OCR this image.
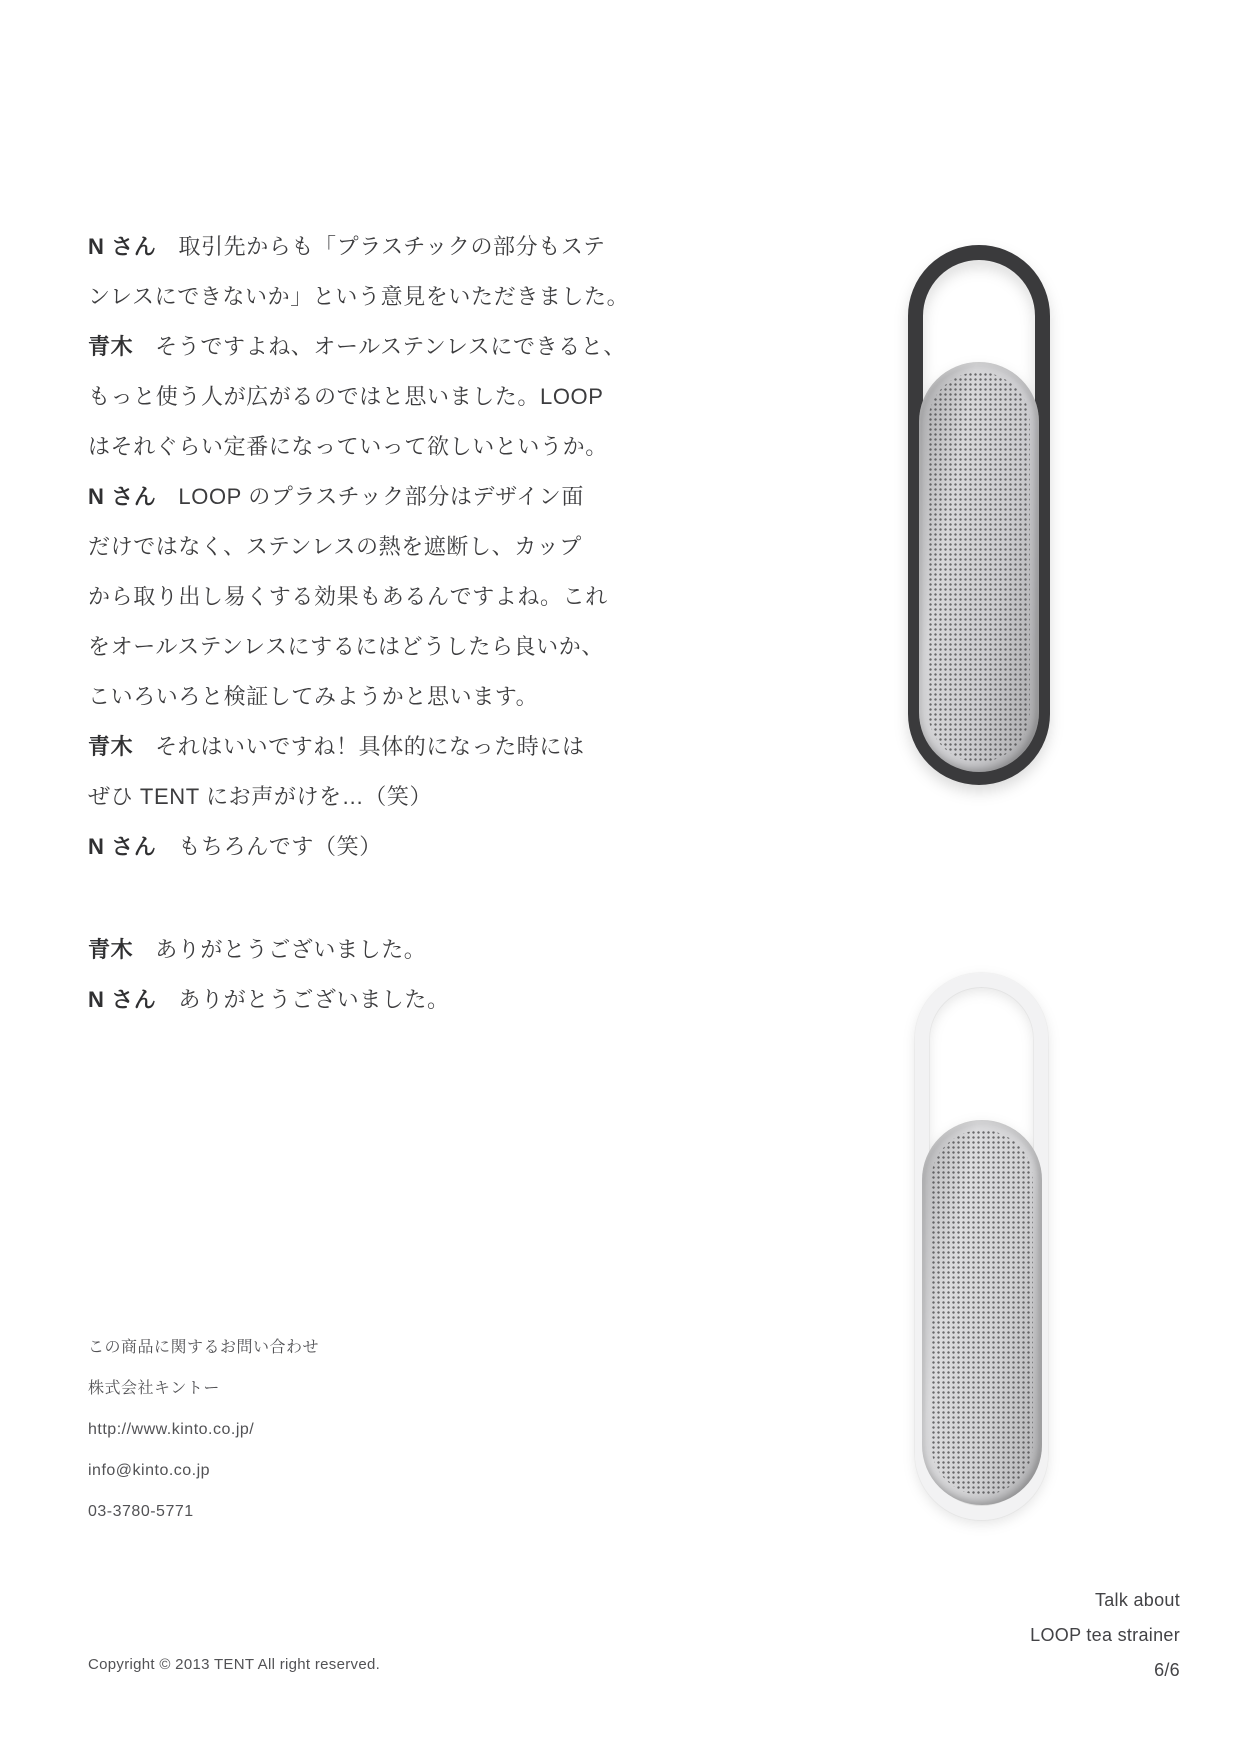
N さん 取引先からも「プラスチックの部分もステ
ンレスにできないか」という意見をいただきました。
青木 そうですよね、オールステンレスにできると、
もっと使う人が広がるのではと思いました。LOOP
はそれぐらい定番になっていって欲しいというか。
N さん LOOP のプラスチック部分はデザイン面
だけではなく、ステンレスの熱を遮断し、カップ
から取り出し易くする効果もあるんですよね。これ
をオールステンレスにするにはどうしたら良いか、
こいろいろと検証してみようかと思います。
青木 それはいいですね！具体的になった時には
ぜひ TENT にお声がけを…（笑）
N さん もちろんです（笑）
青木 ありがとうございました。
N さん ありがとうございました。
この商品に関するお問い合わせ
株式会社キントー
http://www.kinto.co.jp/
info@kinto.co.jp
03-3780-5771
Copyright © 2013 TENT All right reserved.
Talk about
LOOP tea strainer
6/6
